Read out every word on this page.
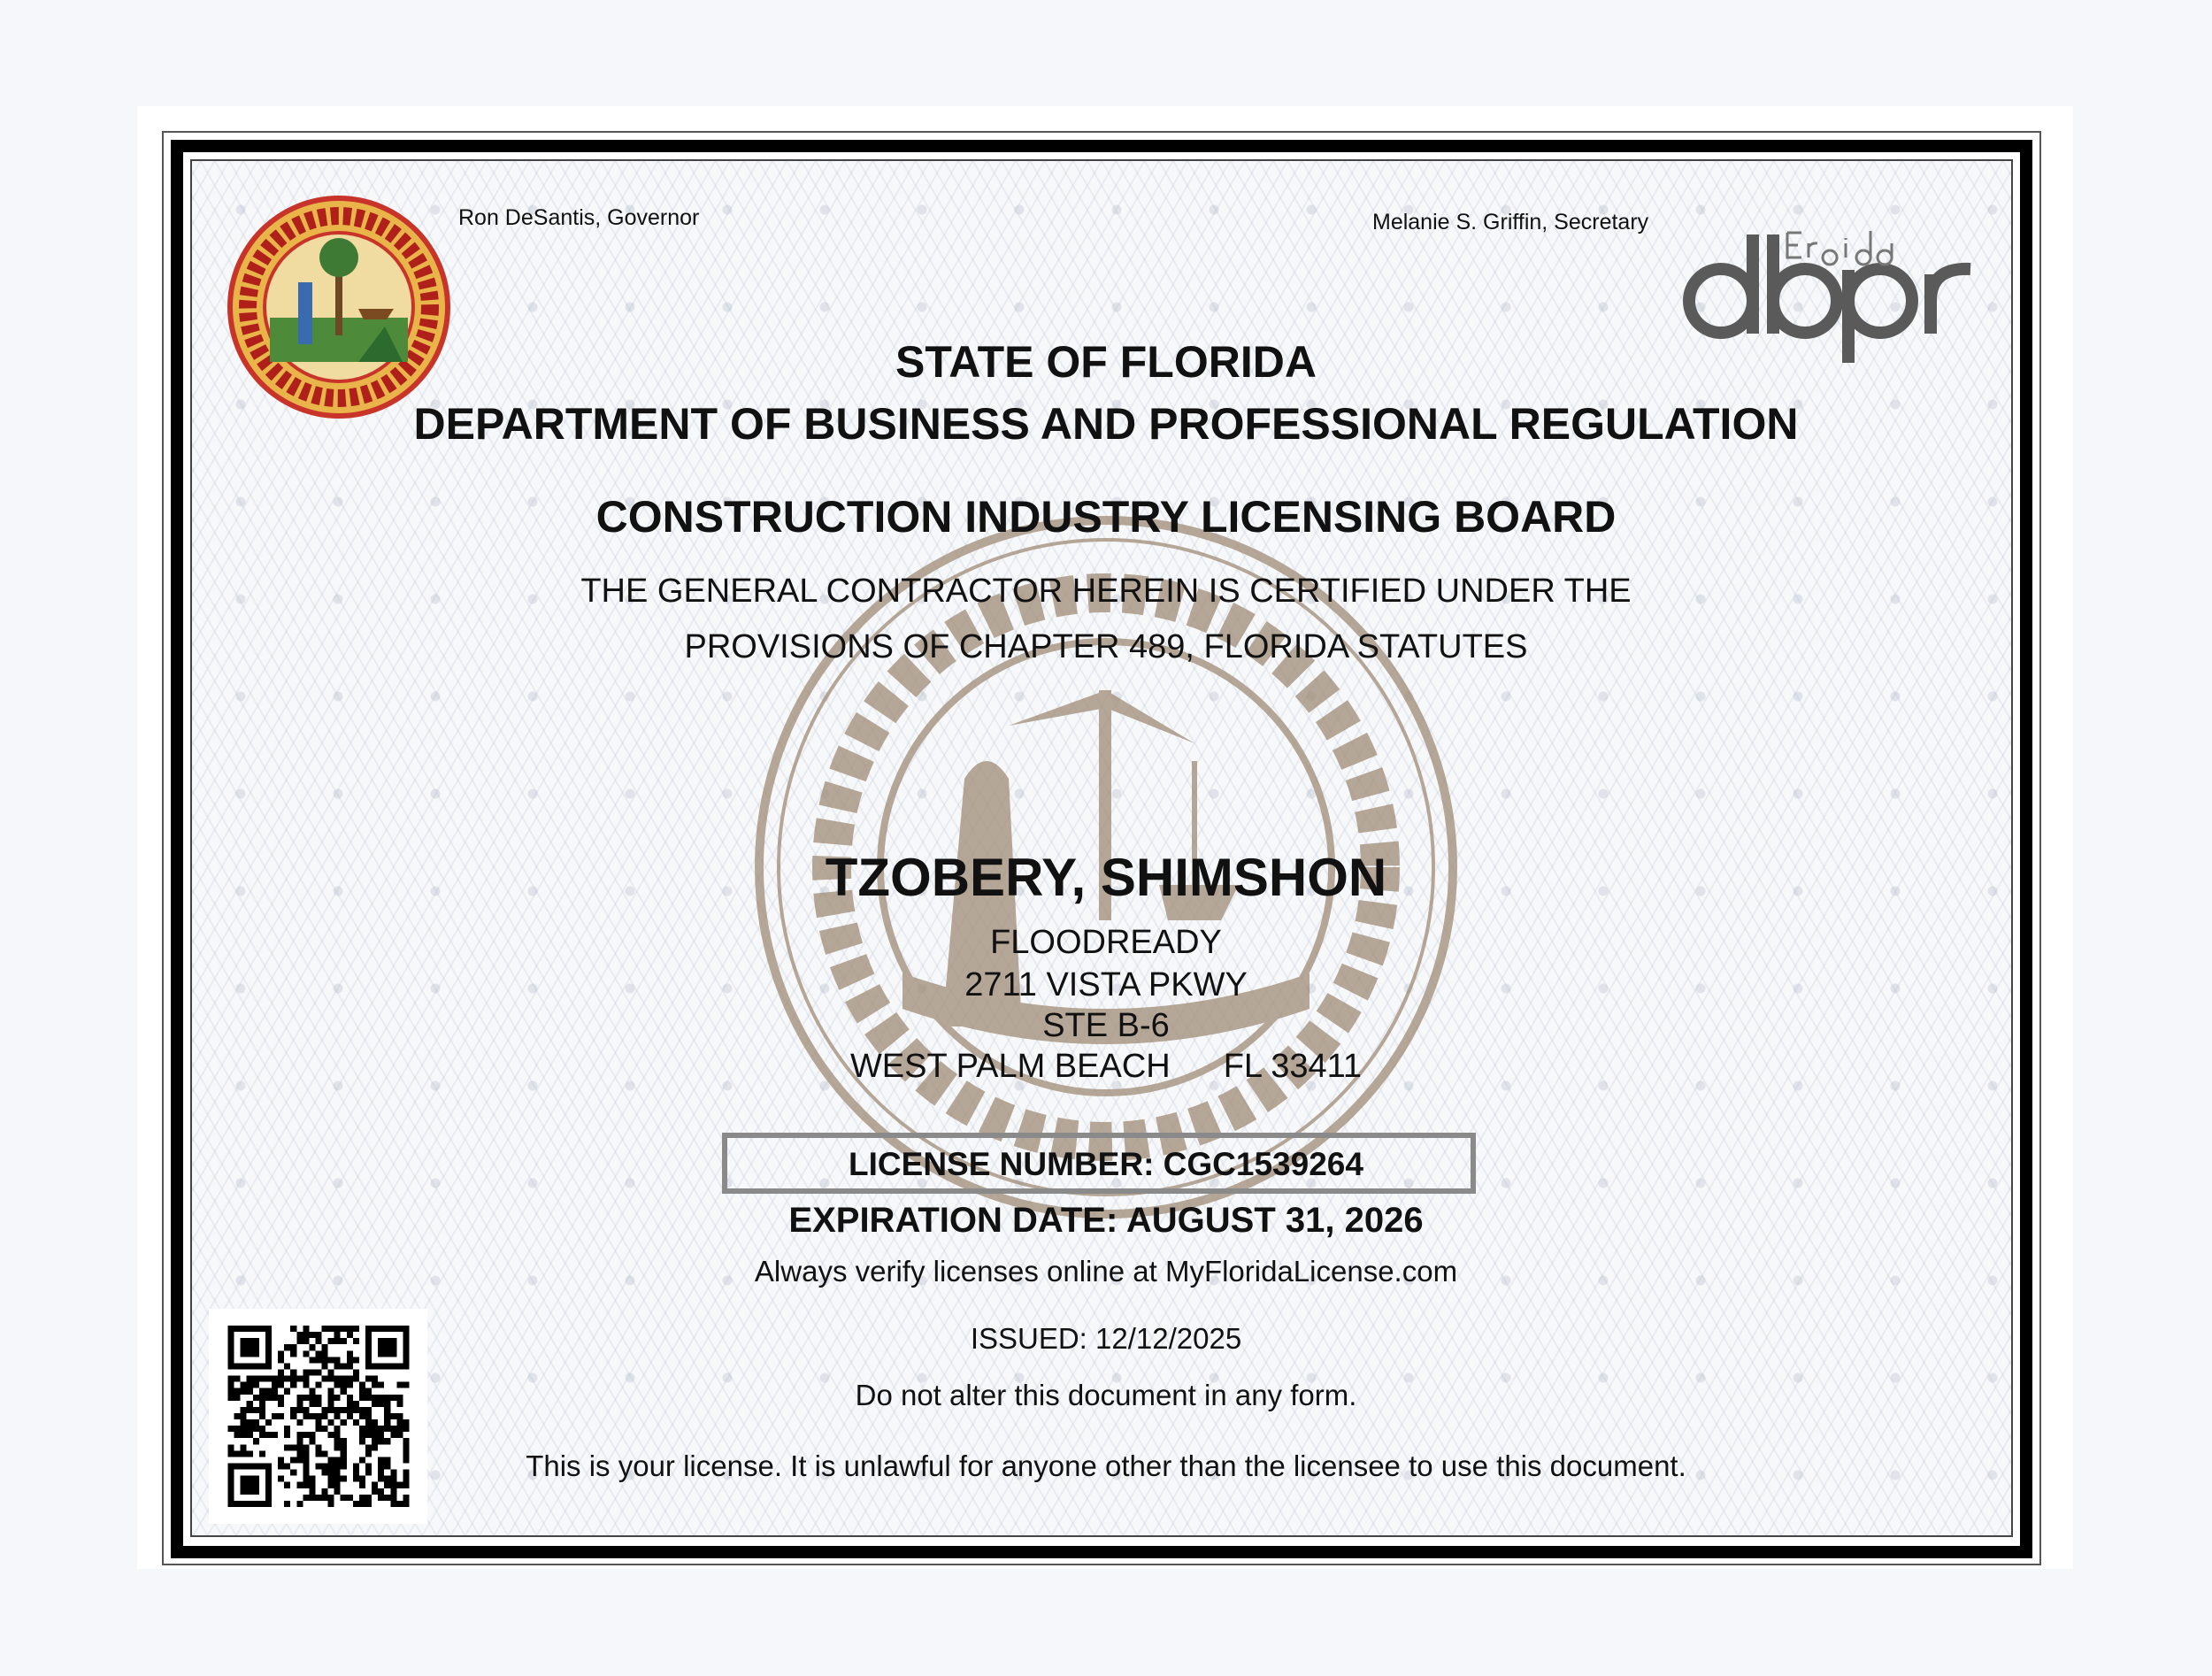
Ron DeSantis, Governor	Melanie S. Griffin, Secretary
STATE OF FLORIDA
DEPARTMENT OF BUSINESS AND PROFESSIONAL REGULATION
CONSTRUCTION INDUSTRY LICENSING BOARD
THE GENERAL CONTRACTOR HEREIN IS CERTIFIED UNDER THE
PROVISIONS OF CHAPTER 489, FLORIDA STATUTES
TZOBERY, SHIMSHON
FLOODREADY
2711 VISTA PKWY
STE B-6
WEST PALM BEACH FL 33411
LICENSE NUMBER: CGC1539264
EXPIRATION DATE: AUGUST 31, 2026
Always verify licenses online at MyFloridaLicense.com
ISSUED: 12/12/2025
Do not alter this document in any form.
This is your license. It is unlawful for anyone other than the licensee to use this document.
